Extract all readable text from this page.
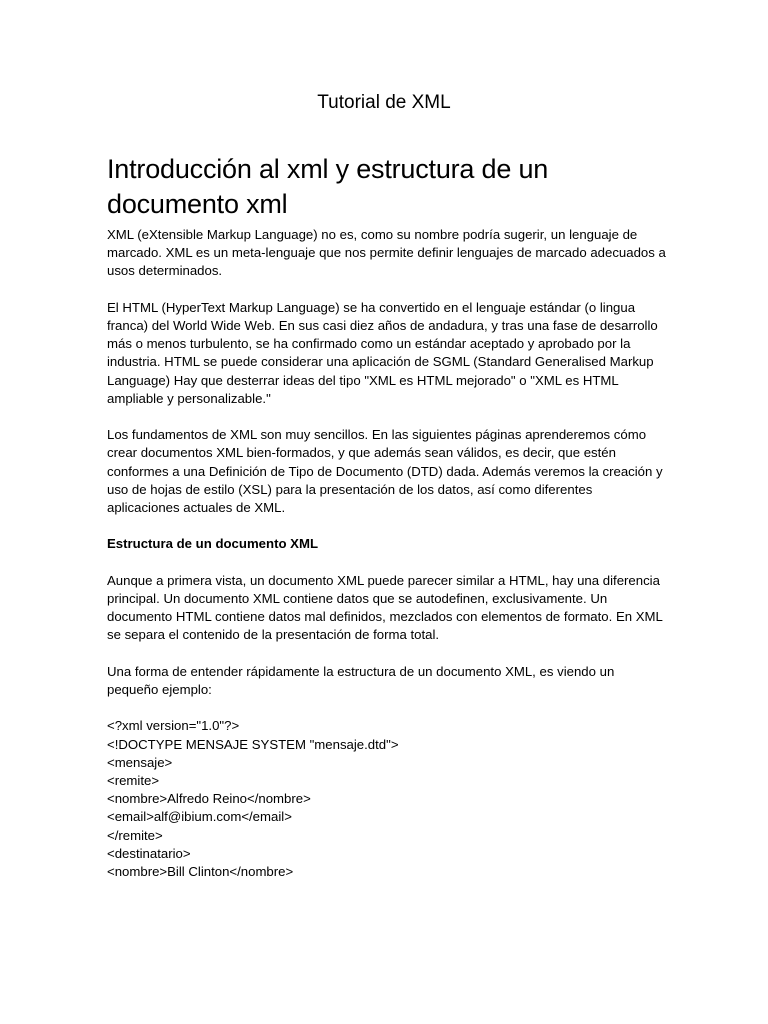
Tutorial de XML
Introducción al xml y estructura de un documento xml

XML (eXtensible Markup Language) no es, como su nombre podría sugerir, un lenguaje de marcado. XML es un meta-lenguaje que nos permite definir lenguajes de marcado adecuados a usos determinados.

El HTML (HyperText Markup Language) se ha convertido en el lenguaje estándar (o lingua franca) del World Wide Web. En sus casi diez años de andadura, y tras una fase de desarrollo más o menos turbulento, se ha confirmado como un estándar aceptado y aprobado por la industria. HTML se puede considerar una aplicación de SGML (Standard Generalised Markup Language) Hay que desterrar ideas del tipo "XML es HTML mejorado" o "XML es HTML ampliable y personalizable."

Los fundamentos de XML son muy sencillos. En las siguientes páginas aprenderemos cómo crear documentos XML bien-formados, y que además sean válidos, es decir, que estén conformes a una Definición de Tipo de Documento (DTD) dada. Además veremos la creación y uso de hojas de estilo (XSL) para la presentación de los datos, así como diferentes aplicaciones actuales de XML.

Estructura de un documento XML

Aunque a primera vista, un documento XML puede parecer similar a HTML, hay una diferencia principal. Un documento XML contiene datos que se autodefinen, exclusivamente. Un documento HTML contiene datos mal definidos, mezclados con elementos de formato. En XML se separa el contenido de la presentación de forma total.

Una forma de entender rápidamente la estructura de un documento XML, es viendo un pequeño ejemplo:

<?xml version="1.0"?>
<!DOCTYPE MENSAJE SYSTEM "mensaje.dtd">
<mensaje>
<remite>
<nombre>Alfredo Reino</nombre>
<email>alf@ibium.com</email>
</remite>
<destinatario>
<nombre>Bill Clinton</nombre>
